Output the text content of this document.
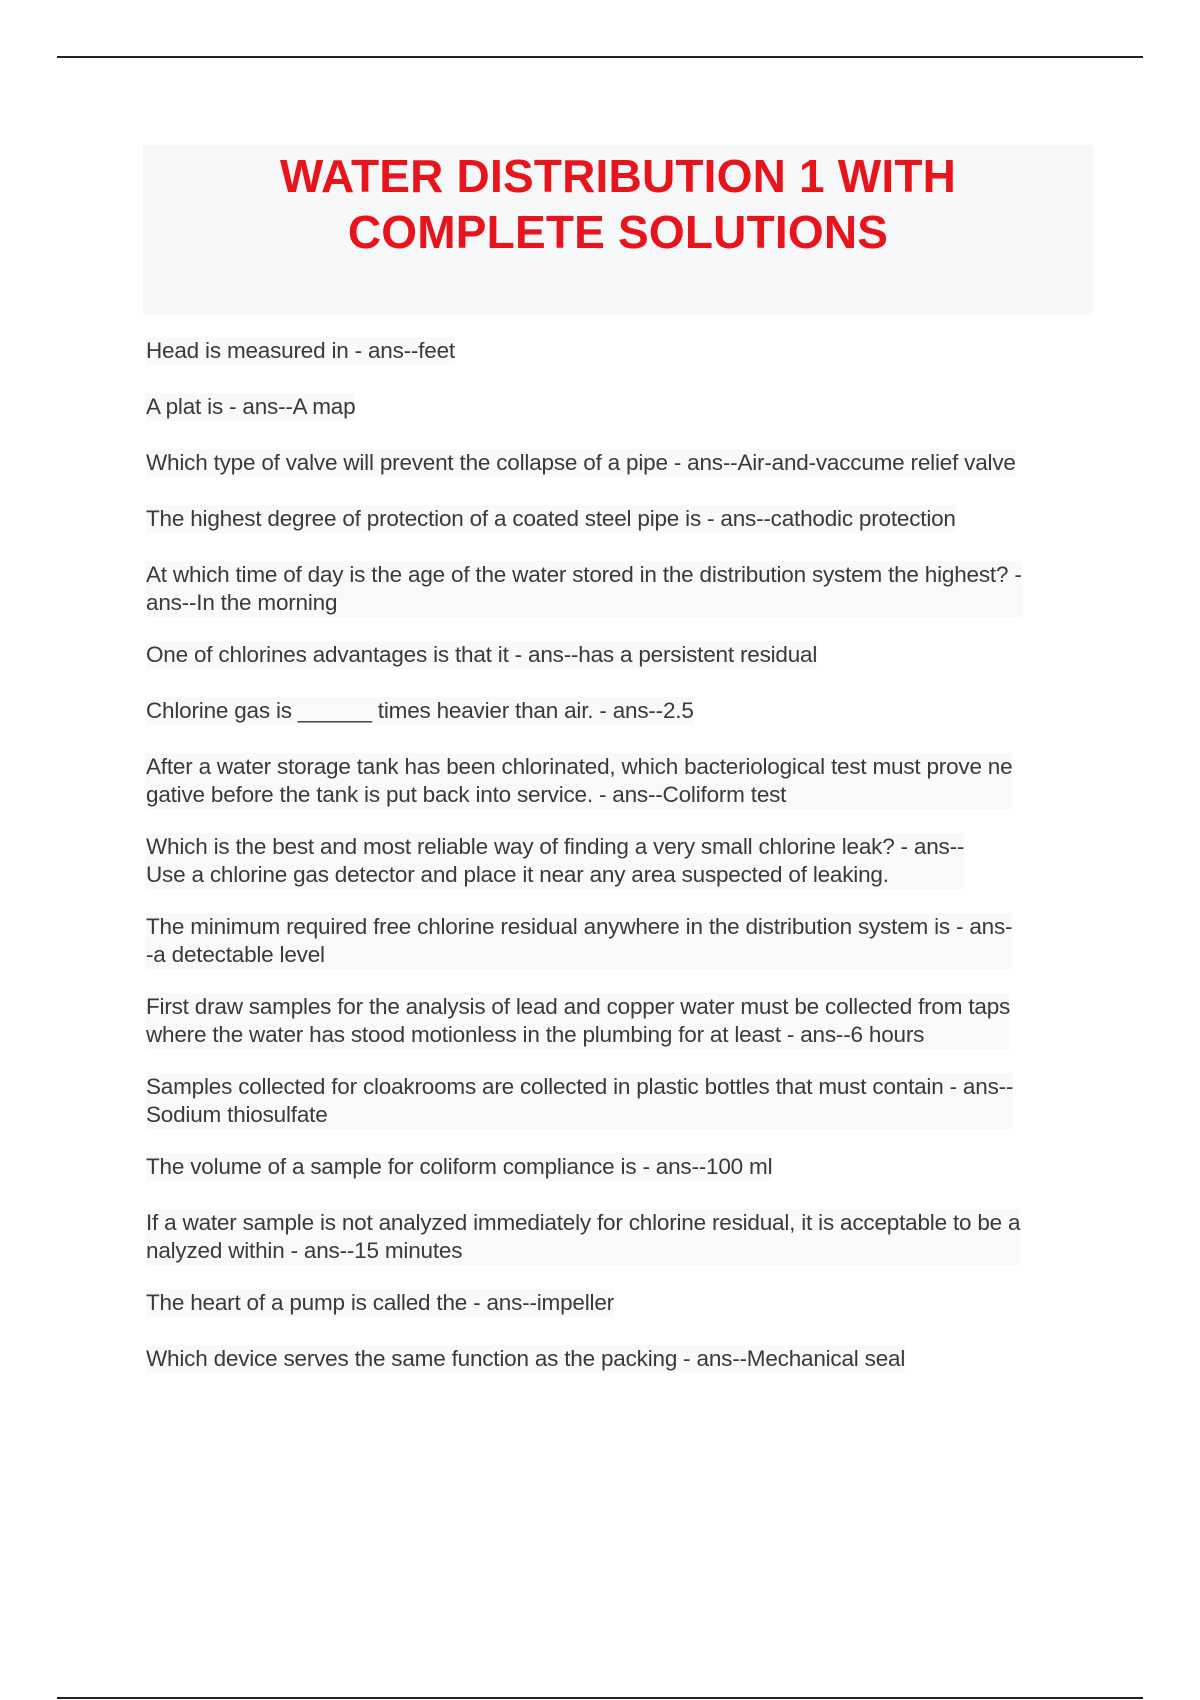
WATER DISTRIBUTION 1 WITH
COMPLETE SOLUTIONS
Head is measured in - ans--feet
A plat is - ans--A map
Which type of valve will prevent the collapse of a pipe - ans--Air-and-vaccume relief valve
The highest degree of protection of a coated steel pipe is - ans--cathodic protection
At which time of day is the age of the water stored in the distribution system the highest? -
ans--In the morning
One of chlorines advantages is that it - ans--has a persistent residual
Chlorine gas is ______ times heavier than air. - ans--2.5
After a water storage tank has been chlorinated, which bacteriological test must prove ne
gative before the tank is put back into service. - ans--Coliform test
Which is the best and most reliable way of finding a very small chlorine leak? - ans--
Use a chlorine gas detector and place it near any area suspected of leaking.
The minimum required free chlorine residual anywhere in the distribution system is - ans-
-a detectable level
First draw samples for the analysis of lead and copper water must be collected from taps
where the water has stood motionless in the plumbing for at least - ans--6 hours
Samples collected for cloakrooms are collected in plastic bottles that must contain - ans--
Sodium thiosulfate
The volume of a sample for coliform compliance is - ans--100 ml
If a water sample is not analyzed immediately for chlorine residual, it is acceptable to be a
nalyzed within - ans--15 minutes
The heart of a pump is called the - ans--impeller
Which device serves the same function as the packing - ans--Mechanical seal
